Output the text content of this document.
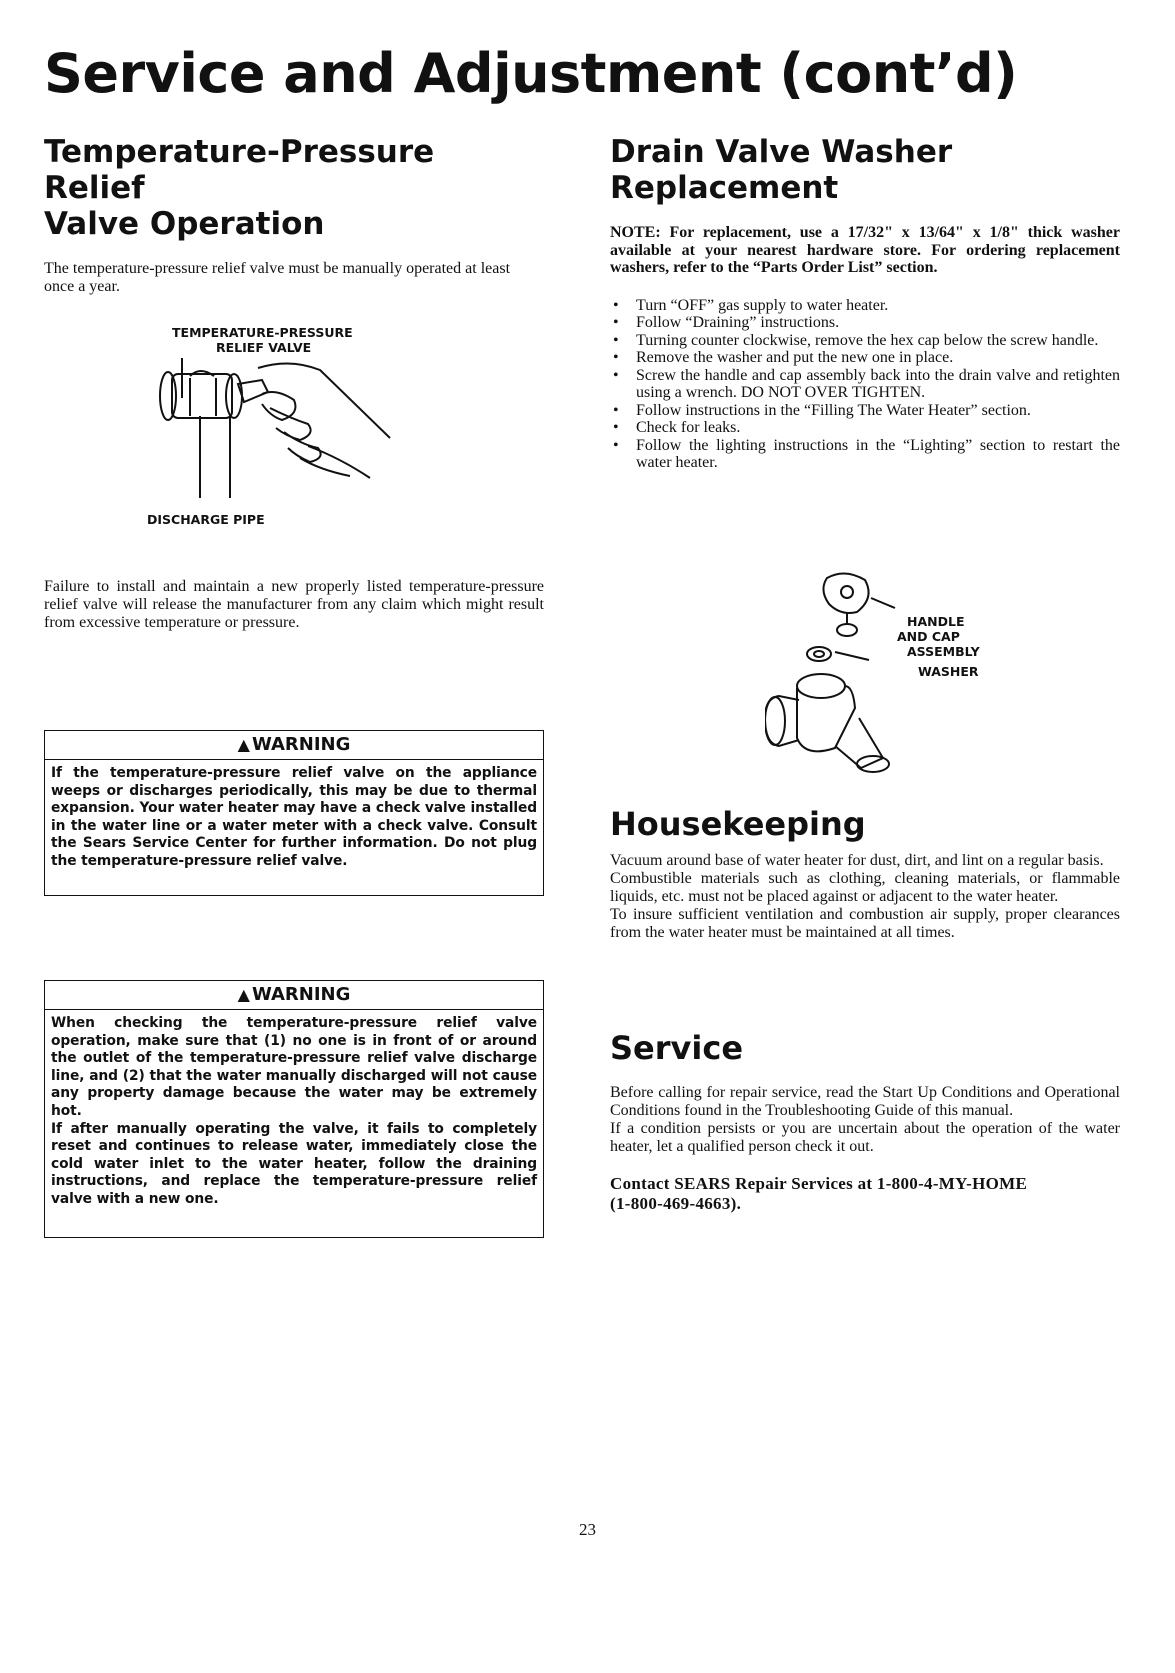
Service and Adjustment (cont’d)
Temperature-Pressure Relief
Valve Operation

The temperature-pressure relief valve must be manually operated at least once a year.

TEMPERATURE-PRESSURE
RELIEF VALVE
DISCHARGE PIPE

Failure to install and maintain a new properly listed temperature-pressure relief valve will release the manufacturer from any claim which might result from excessive temperature or pressure.

▲ WARNING
If the temperature-pressure relief valve on the appliance weeps or discharges periodically, this may be due to thermal expansion. Your water heater may have a check valve installed in the water line or a water meter with a check valve. Consult the Sears Service Center for further information. Do not plug the temperature-pressure relief valve.
▲ WARNING

When checking the temperature-pressure relief valve operation, make sure that (1) no one is in front of or around the outlet of the temperature-pressure relief valve discharge line, and (2) that the water manually discharged will not cause any property damage because the water may be extremely hot.

If after manually operating the valve, it fails to completely reset and continues to release water, immediately close the cold water inlet to the water heater, follow the draining instructions, and replace the temperature-pressure relief valve with a new one.

Drain Valve Washer
Replacement

NOTE: For replacement, use a 17/32" x 13/64" x 1/8" thick washer available at your nearest hardware store. For ordering replacement washers, refer to the “Parts Order List” section.

• Turn “OFF” gas supply to water heater.
• Follow “Draining” instructions.
• Turning counter clockwise, remove the hex cap below the screw handle.
• Remove the washer and put the new one in place.
• Screw the handle and cap assembly back into the drain valve and retighten using a wrench. DO NOT OVER TIGHTEN.
• Follow instructions in the “Filling The Water Heater” section.
• Check for leaks.
• Follow the lighting instructions in the “Lighting” section to restart the water heater.
HANDLE
AND CAP
ASSEMBLY
WASHER
Housekeeping
Vacuum around base of water heater for dust, dirt, and lint on a regular basis.
Combustible materials such as clothing, cleaning materials, or flammable liquids, etc. must not be placed against or adjacent to the water heater.
To insure sufficient ventilation and combustion air supply, proper clearances from the water heater must be maintained at all times.
Service
Before calling for repair service, read the Start Up Conditions and Operational Conditions found in the Troubleshooting Guide of this manual.
If a condition persists or you are uncertain about the operation of the water heater, let a qualified person check it out.
Contact SEARS Repair Services at 1-800-4-MY-HOME
(1-800-469-4663).
23
